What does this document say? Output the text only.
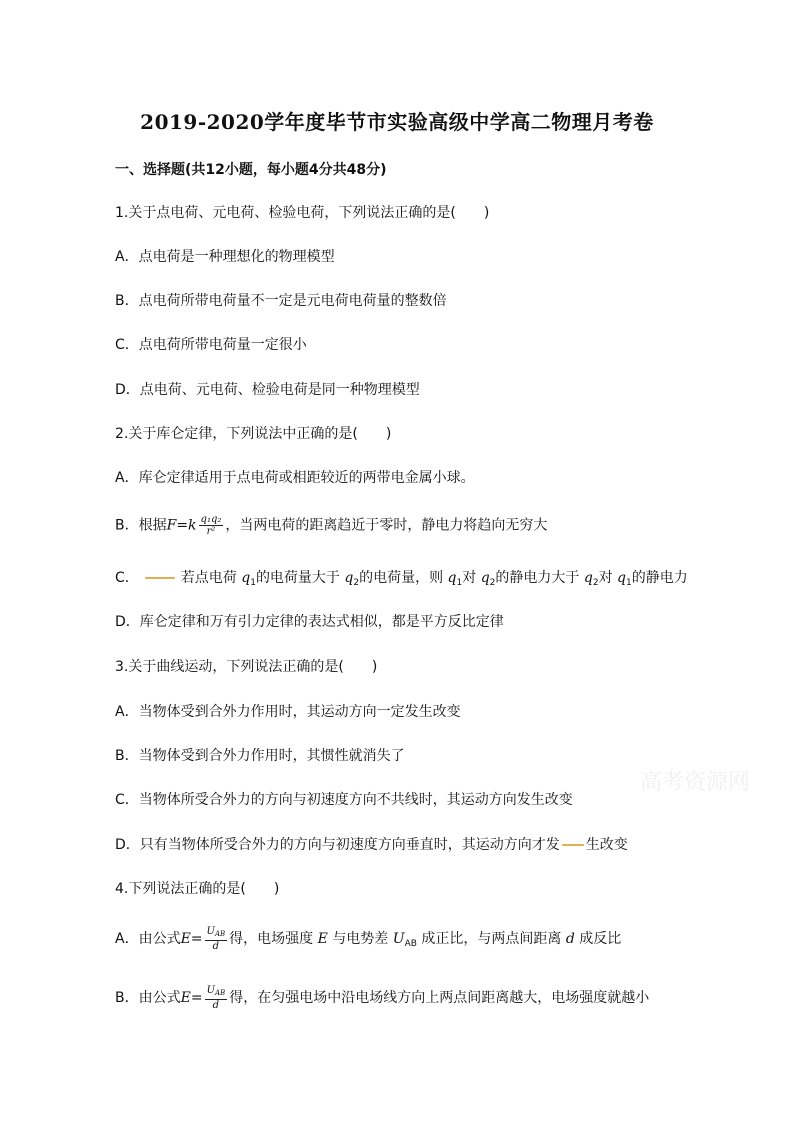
2019-2020学年度毕节市实验高级中学高二物理月考卷
一、选择题(共12小题，每小题4分共48分)
1.关于点电荷、元电荷、检验电荷，下列说法正确的是(　　)
A．点电荷是一种理想化的物理模型
B．点电荷所带电荷量不一定是元电荷电荷量的整数倍
C．点电荷所带电荷量一定很小
D．点电荷、元电荷、检验电荷是同一种物理模型
2.关于库仑定律，下列说法中正确的是(　　)
A．库仑定律适用于点电荷或相距较近的两带电金属小球。
B．根据$F=k \frac{\text{q₁q₂}}{\text{r²}}$ ，当两电荷的距离趋近于零时，静电力将趋向无穷大
C．	若点电荷 $q_1$的电荷量大于 $q_2$的电荷量，则 $q_1$对 $q_2$的静电力大于 $q_2$对 $q_1$的静电力
D．库仑定律和万有引力定律的表达式相似，都是平方反比定律
3.关于曲线运动，下列说法正确的是(　　)
A．当物体受到合外力作用时，其运动方向一定发生改变
B．当物体受到合外力作用时，其惯性就消失了
C．当物体所受合外力的方向与初速度方向不共线时，其运动方向发生改变
D．只有当物体所受合外力的方向与初速度方向垂直时，其运动方向才发 生改变
4.下列说法正确的是(　　)
A．由公式$E= \frac{U_{AB}}{d}$ 得，电场强度 E 与电势差 $U_{AB}$ 成正比，与两点间距离 d 成反比
B．由公式$E= \frac{U_{AB}}{d}$ 得，在匀强电场中沿电场线方向上两点间距离越大，电场强度就越小
高考资源网
